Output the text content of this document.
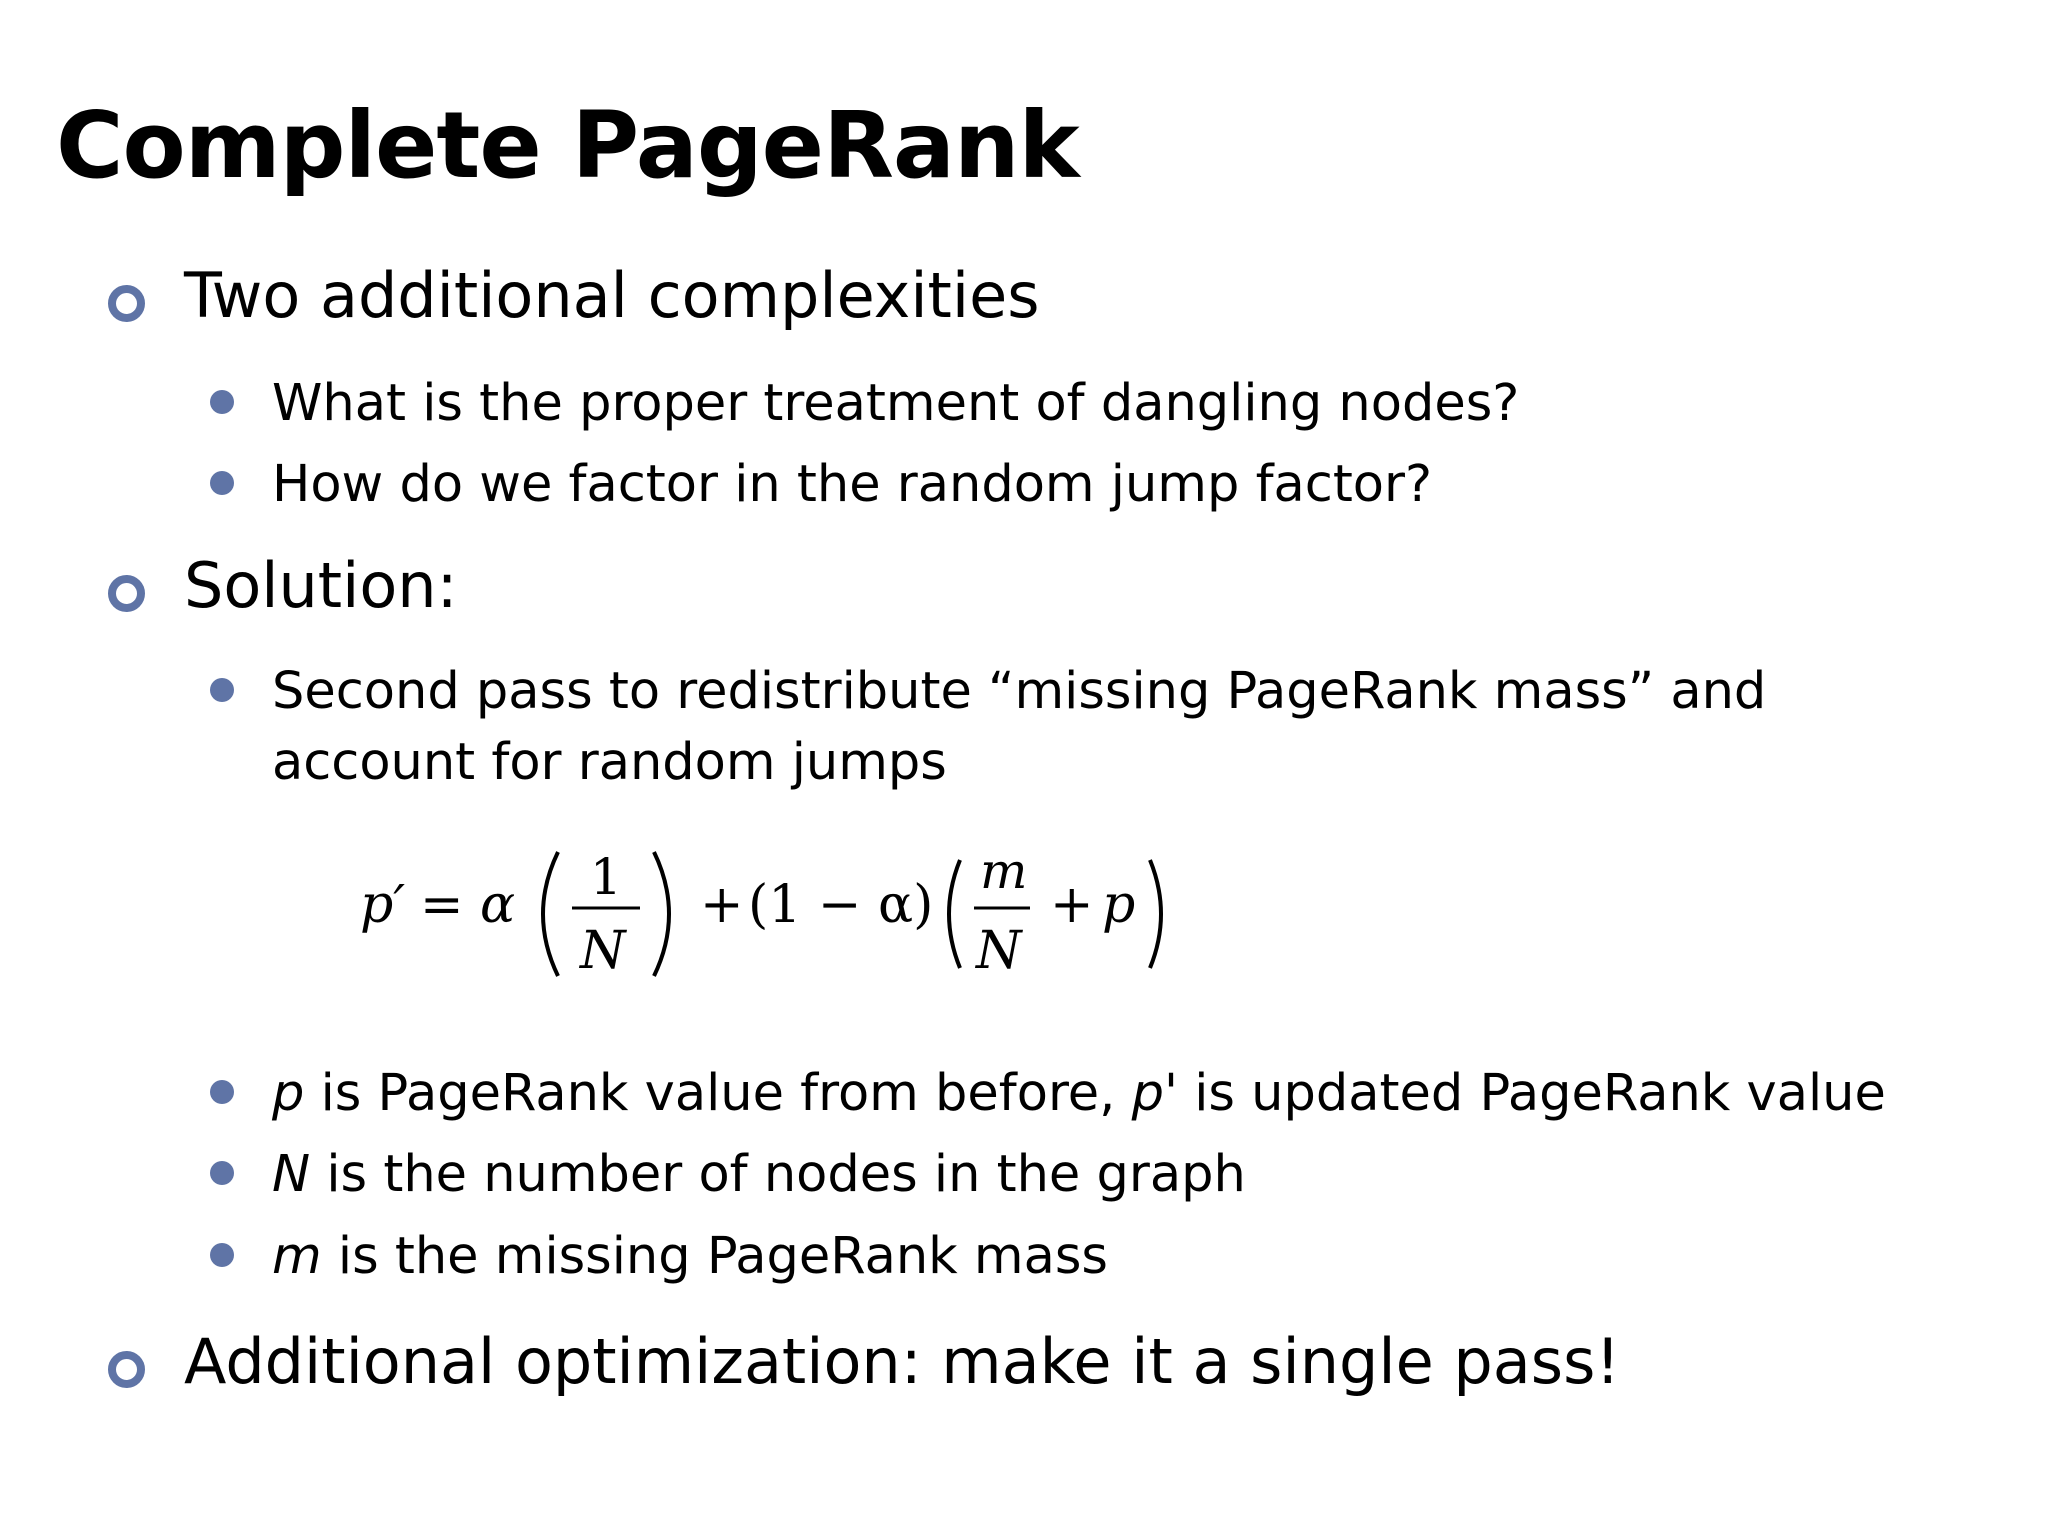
Complete PageRank
Two additional complexities
What is the proper treatment of dangling nodes?
How do we factor in the random jump factor?
Solution:
Second pass to redistribute “missing PageRank mass” and account for random jumps
p′ = α 1
N
+ (1 − α)
m
N
+ p
p is PageRank value from before, p' is updated PageRank value
N is the number of nodes in the graph
m is the missing PageRank mass
Additional optimization: make it a single pass!
